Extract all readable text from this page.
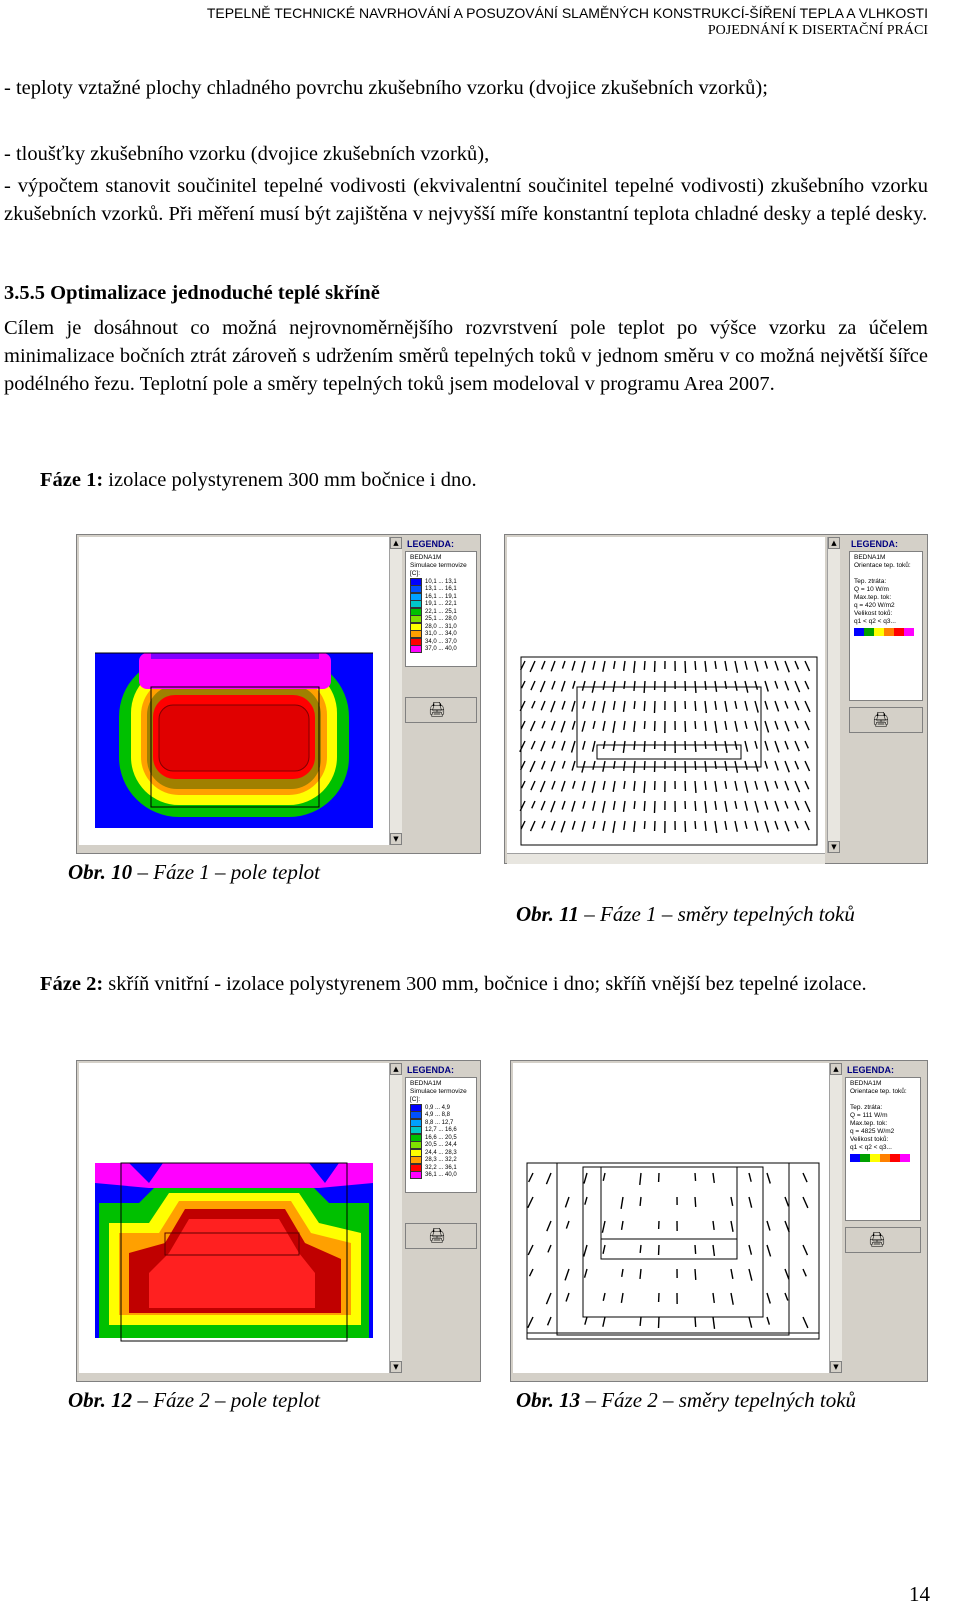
TEPELNĚ TECHNICKÉ NAVRHOVÁNÍ A POSUZOVÁNÍ SLAMĚNÝCH KONSTRUKCÍ-ŠÍŘENÍ TEPLA A VLHKOSTI
POJEDNÁNÍ K DISERTAČNÍ PRÁCI
- teploty vztažné plochy chladného povrchu zkušebního vzorku (dvojice zkušebních vzorků);
- tloušťky zkušebního vzorku (dvojice zkušebních vzorků),
- výpočtem stanovit součinitel tepelné vodivosti (ekvivalentní součinitel tepelné vodivosti) zkušebního vzorku zkušebních vzorků. Při měření musí být zajištěna v nejvyšší míře konstantní teplota chladné desky a teplé desky.
3.5.5 Optimalizace jednoduché teplé skříně
Cílem je dosáhnout co možná nejrovnoměrnějšího rozvrstvení pole teplot po výšce vzorku za účelem minimalizace bočních ztrát zároveň s udržením směrů tepelných toků v jednom směru v co možná největší šířce podélného řezu. Teplotní pole a směry tepelných toků jsem modeloval v programu Area 2007.
Fáze 1: izolace polystyrenem 300 mm bočnice i dno.
▲
▼
LEGENDA:
BEDNA1M
Simulace termovize [C]:
10,1 ... 13,1
13,1 ... 16,1
16,1 ... 19,1
19,1 ... 22,1
22,1 ... 25,1
25,1 ... 28,0
28,0 ... 31,0
31,0 ... 34,0
34,0 ... 37,0
37,0 ... 40,0
🖨
▲
▼
LEGENDA:
BEDNA1M
Orientace tep. toků:
Tep. ztráta:
Q = 10 W/m
Max.tep. tok:
q = 420 W/m2
Velikost toků:
q1 < q2 < q3...
🖨
Obr. 10 – Fáze 1 – pole teplot
Obr. 11 – Fáze 1 – směry tepelných toků
Fáze 2: skříň vnitřní - izolace polystyrenem 300 mm, bočnice i dno; skříň vnější bez tepelné izolace.
▲
▼
LEGENDA:
BEDNA1M
Simulace termovize [C]:
0,9 ... 4,9
4,9 ... 8,8
8,8 ... 12,7
12,7 ... 16,6
16,6 ... 20,5
20,5 ... 24,4
24,4 ... 28,3
28,3 ... 32,2
32,2 ... 36,1
36,1 ... 40,0
🖨
▲
▼
LEGENDA:
BEDNA1M
Orientace tep. toků:
Tep. ztráta:
Q = 111 W/m
Max.tep. tok:
q = 4825 W/m2
Velikost toků:
q1 < q2 < q3...
🖨
Obr. 12 – Fáze 2 – pole teplot	Obr. 13 – Fáze 2 – směry tepelných toků
14
